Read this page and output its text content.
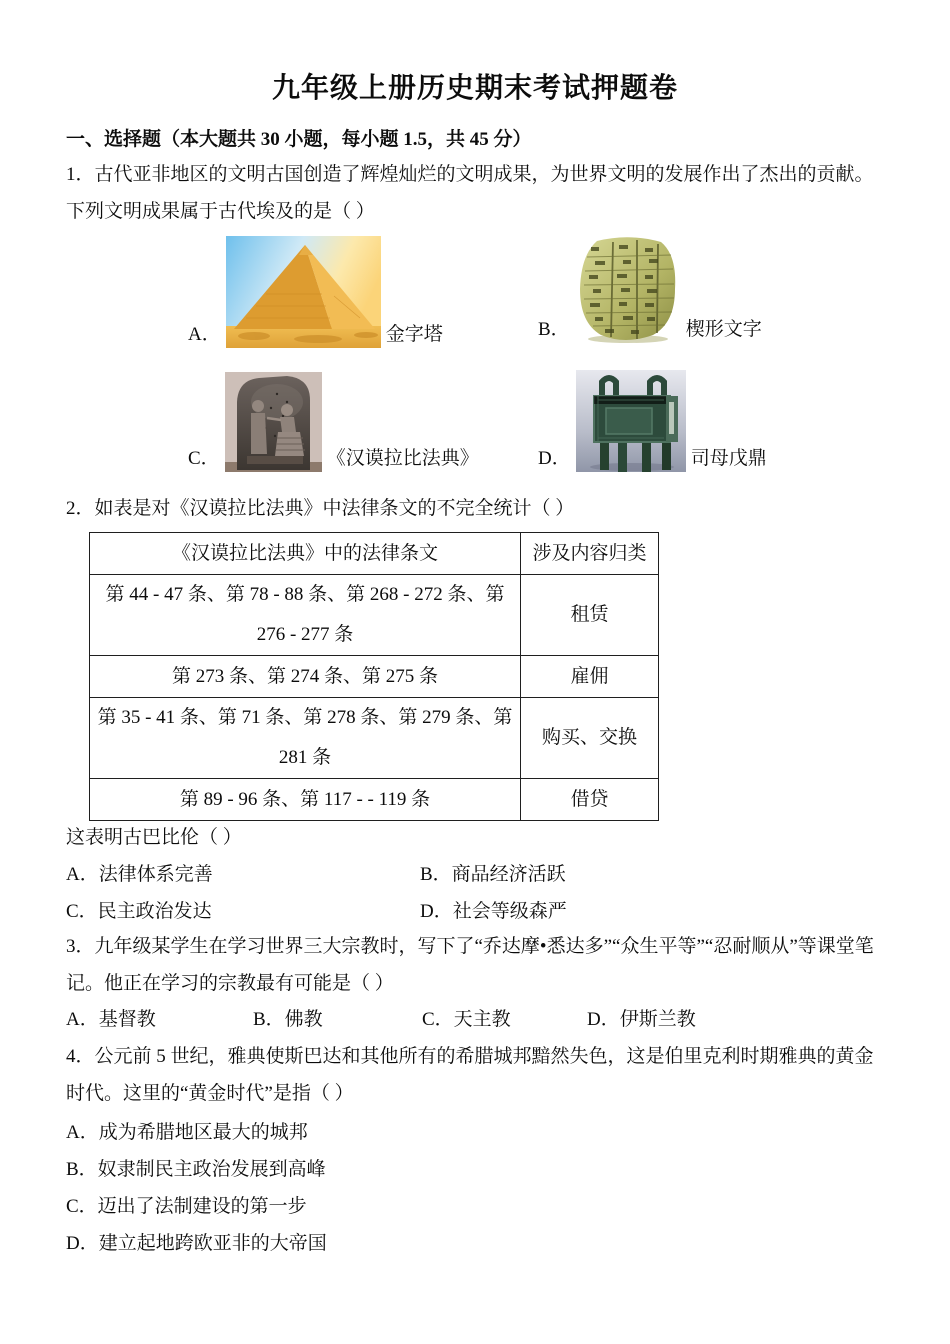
九年级上册历史期末考试押题卷
一、选择题（本大题共 30 小题，每小题 1.5，共 45 分）
1．古代亚非地区的文明古国创造了辉煌灿烂的文明成果，为世界文明的发展作出了杰出的贡献。
下列文明成果属于古代埃及的是（ ）
A．	金字塔	B．	楔形文字
C．	《汉谟拉比法典》	D．	司母戊鼎
2．如表是对《汉谟拉比法典》中法律条文的不完全统计（ ）
《汉谟拉比法典》中的法律条文	涉及内容归类
第 44 - 47 条、第 78 - 88 条、第 268 - 272 条、第 276 - 277 条	租赁
第 273 条、第 274 条、第 275 条	雇佣
第 35 - 41 条、第 71 条、第 278 条、第 279 条、第 281 条	购买、交换
第 89 - 96 条、第 117 - - 119 条	借贷
这表明古巴比伦（ ）
A．法律体系完善	B．商品经济活跃
C．民主政治发达	D．社会等级森严
3．九年级某学生在学习世界三大宗教时，写下了“乔达摩•悉达多”“众生平等”“忍耐顺从”等课堂笔
记。他正在学习的宗教最有可能是（ ）
A．基督教	B．佛教	C．天主教	D．伊斯兰教
4．公元前 5 世纪，雅典使斯巴达和其他所有的希腊城邦黯然失色，这是伯里克利时期雅典的黄金
时代。这里的“黄金时代”是指（ ）
A．成为希腊地区最大的城邦
B．奴隶制民主政治发展到高峰
C．迈出了法制建设的第一步
D．建立起地跨欧亚非的大帝国
